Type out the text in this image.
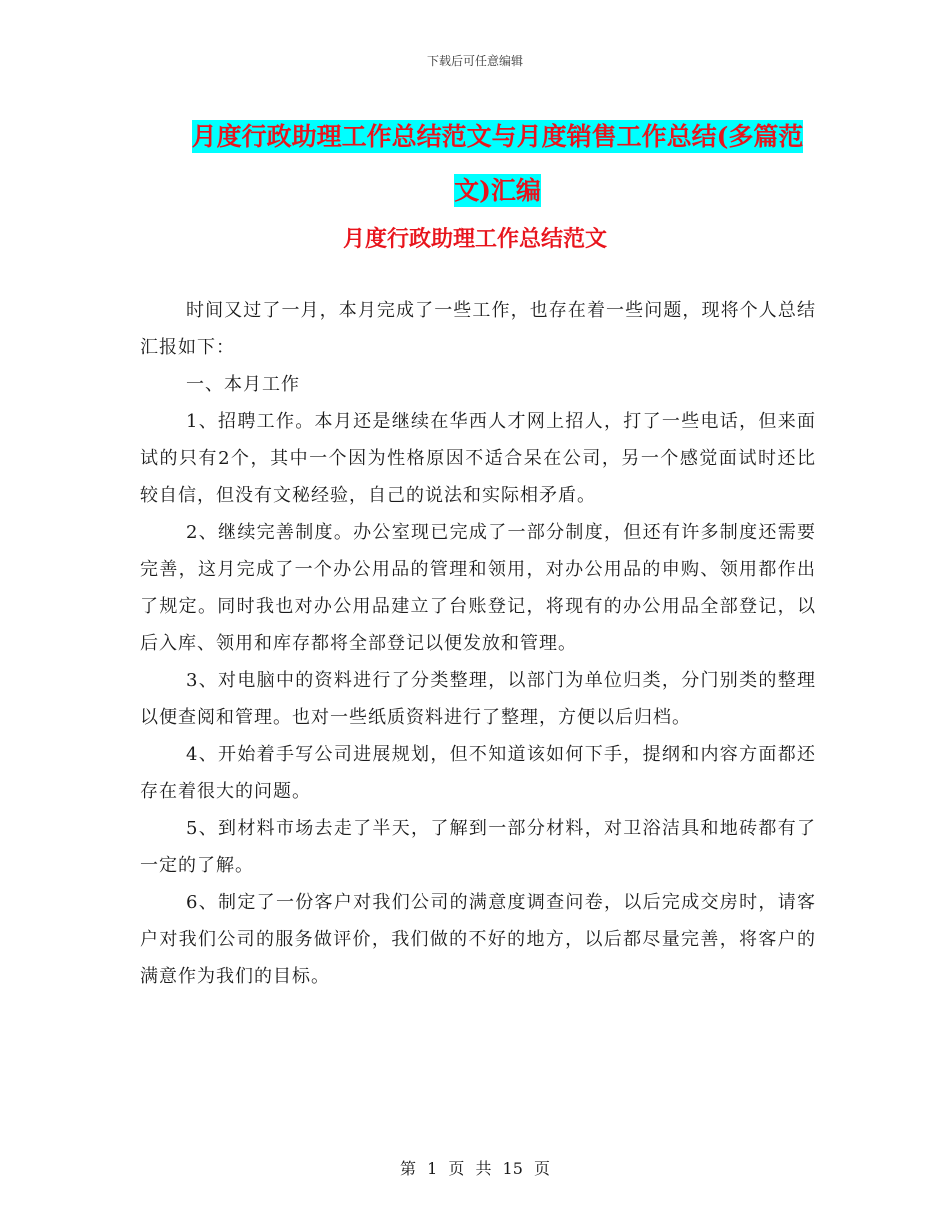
下载后可任意编辑
月度行政助理工作总结范文与月度销售工作总结(多篇范文)汇编
月度行政助理工作总结范文

时间又过了一月，本月完成了一些工作，也存在着一些问题，现将个人总结汇报如下：

一、本月工作

1、招聘工作。本月还是继续在华西人才网上招人，打了一些电话，但来面试的只有2个，其中一个因为性格原因不适合呆在公司，另一个感觉面试时还比较自信，但没有文秘经验，自己的说法和实际相矛盾。

2、继续完善制度。办公室现已完成了一部分制度，但还有许多制度还需要完善，这月完成了一个办公用品的管理和领用，对办公用品的申购、领用都作出了规定。同时我也对办公用品建立了台账登记，将现有的办公用品全部登记，以后入库、领用和库存都将全部登记以便发放和管理。

3、对电脑中的资料进行了分类整理，以部门为单位归类，分门别类的整理以便查阅和管理。也对一些纸质资料进行了整理，方便以后归档。

4、开始着手写公司进展规划，但不知道该如何下手，提纲和内容方面都还存在着很大的问题。

5、到材料市场去走了半天，了解到一部分材料，对卫浴洁具和地砖都有了一定的了解。

6、制定了一份客户对我们公司的满意度调查问卷，以后完成交房时，请客户对我们公司的服务做评价，我们做的不好的地方，以后都尽量完善，将客户的满意作为我们的目标。

第 1 页 共 15 页
